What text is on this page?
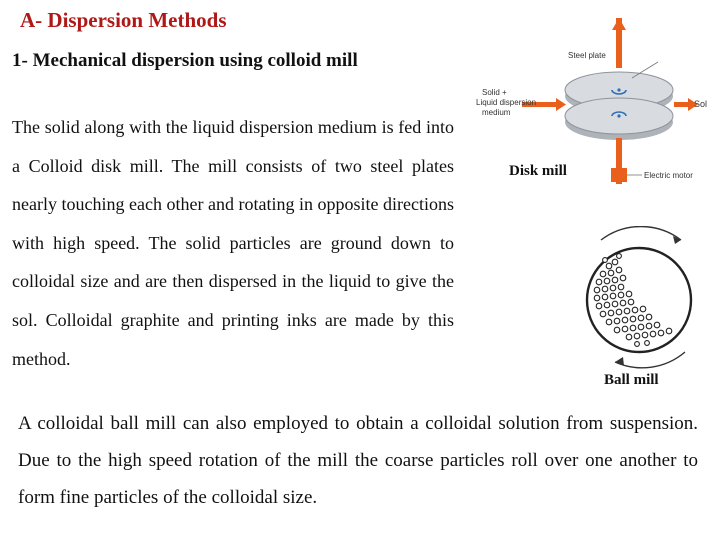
A- Dispersion Methods
1- Mechanical dispersion using colloid mill
The solid along with the liquid dispersion medium is fed into a Colloid disk mill. The mill consists of two steel plates nearly touching each other and rotating in opposite directions with high speed. The solid particles are ground down to colloidal size and are then dispersed in the liquid to give the sol. Colloidal graphite and printing inks are made by this method.
Steel plate
Solid +
Liquid dispersion
medium
Sol
Electric motor
Disk mill
Ball mill
A colloidal ball mill can also employed to obtain a colloidal solution from suspension. Due to the high speed rotation of the mill the coarse particles roll over one another to form fine particles of the colloidal size.
